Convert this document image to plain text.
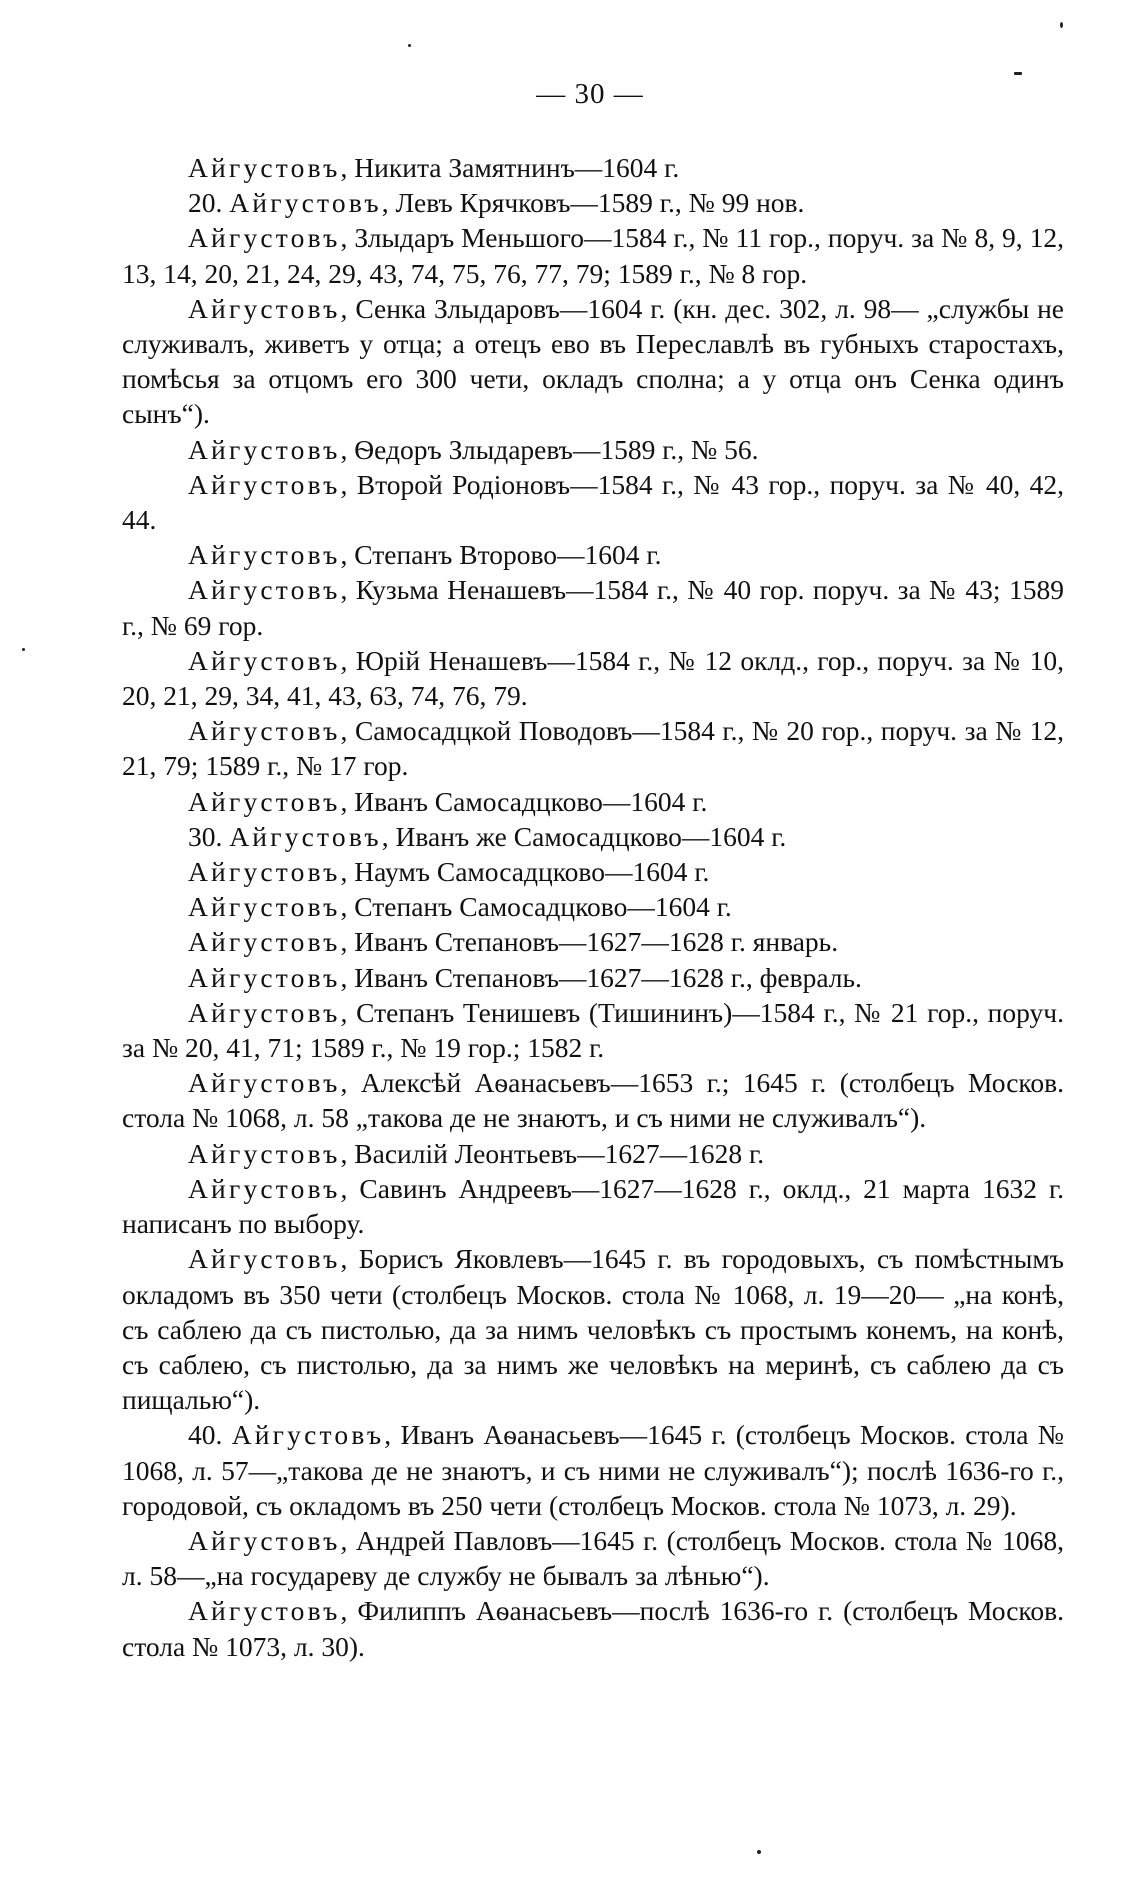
— 30 —

Айгустовъ, Никита Замятнинъ—1604 г.

20. Айгустовъ, Левъ Крячковъ—1589 г., № 99 нов.

Айгустовъ, Злыдаръ Меньшого—1584 г., № 11 гор., поруч. за № 8, 9, 12, 13, 14, 20, 21, 24, 29, 43, 74, 75, 76, 77, 79; 1589 г., № 8 гор.

Айгустовъ, Сенка Злыдаровъ—1604 г. (кн. дес. 302, л. 98— „службы не служивалъ, живетъ у отца; а отецъ ево въ Переславлѣ въ губныхъ старостахъ, помѣсья за отцомъ его 300 чети, окладъ сполна; а у отца онъ Сенка одинъ сынъ“).

Айгустовъ, Ѳедоръ Злыдаревъ—1589 г., № 56.

Айгустовъ, Второй Родіоновъ—1584 г., № 43 гор., поруч. за № 40, 42, 44.

Айгустовъ, Степанъ Второво—1604 г.

Айгустовъ, Кузьма Ненашевъ—1584 г., № 40 гор. поруч. за № 43; 1589 г., № 69 гор.

Айгустовъ, Юрій Ненашевъ—1584 г., № 12 оклд., гор., поруч. за № 10, 20, 21, 29, 34, 41, 43, 63, 74, 76, 79.

Айгустовъ, Самосадцкой Поводовъ—1584 г., № 20 гор., поруч. за № 12, 21, 79; 1589 г., № 17 гор.

Айгустовъ, Иванъ Самосадцково—1604 г.

30. Айгустовъ, Иванъ же Самосадцково—1604 г.

Айгустовъ, Наумъ Самосадцково—1604 г.

Айгустовъ, Степанъ Самосадцково—1604 г.

Айгустовъ, Иванъ Степановъ—1627—1628 г. январь.

Айгустовъ, Иванъ Степановъ—1627—1628 г., февраль.

Айгустовъ, Степанъ Тенишевъ (Тишининъ)—1584 г., № 21 гор., поруч. за № 20, 41, 71; 1589 г., № 19 гор.; 1582 г.

Айгустовъ, Алексѣй Аѳанасьевъ—1653 г.; 1645 г. (столбецъ Москов. стола № 1068, л. 58 „такова де не знаютъ, и съ ними не служивалъ“).

Айгустовъ, Василій Леонтьевъ—1627—1628 г.

Айгустовъ, Савинъ Андреевъ—1627—1628 г., оклд., 21 марта 1632 г. написанъ по выбору.

Айгустовъ, Борисъ Яковлевъ—1645 г. въ городовыхъ, съ помѣстнымъ окладомъ въ 350 чети (столбецъ Москов. стола № 1068, л. 19—20— „на конѣ, съ саблею да съ пистолью, да за нимъ человѣкъ съ простымъ конемъ, на конѣ, съ саблею, съ пистолью, да за нимъ же человѣкъ на меринѣ, съ саблею да съ пищалью“).

40. Айгустовъ, Иванъ Аѳанасьевъ—1645 г. (столбецъ Москов. стола № 1068, л. 57—„такова де не знаютъ, и съ ними не служивалъ“); послѣ 1636-го г., городовой, съ окладомъ въ 250 чети (столбецъ Москов. стола № 1073, л. 29).

Айгустовъ, Андрей Павловъ—1645 г. (столбецъ Москов. стола № 1068, л. 58—„на государеву де службу не бывалъ за лѣнью“).

Айгустовъ, Филиппъ Аѳанасьевъ—послѣ 1636-го г. (столбецъ Москов. стола № 1073, л. 30).
